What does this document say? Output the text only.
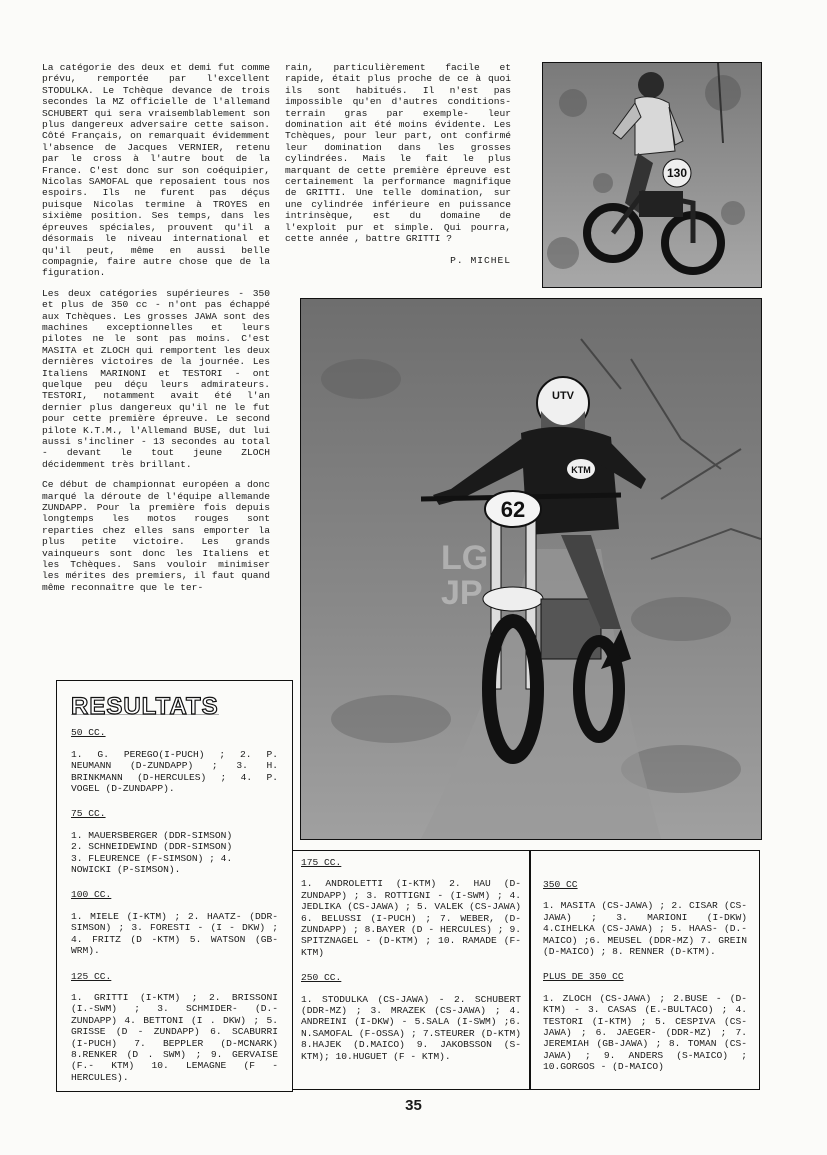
La catégorie des deux et demi fut comme prévu, remportée par l'excellent STODULKA. Le Tchèque devance de trois secondes la MZ officielle de l'allemand SCHUBERT qui sera vraisemblablement son plus dangereux adversaire cette saison. Côté Français, on remarquait évidemment l'absence de Jacques VERNIER, retenu par le cross à l'autre bout de la France. C'est donc sur son coéquipier, Nicolas SAMOFAL que reposaient tous nos espoirs. Ils ne furent pas déçus puisque Nicolas termine à TROYES en sixième position. Ses temps, dans les épreuves spéciales, prouvent qu'il a désormais le niveau international et qu'il peut, même en aussi belle compagnie, faire autre chose que de la figuration.

Les deux catégories supérieures - 350 et plus de 350 cc - n'ont pas échappé aux Tchèques. Les grosses JAWA sont des machines exceptionnelles et leurs pilotes ne le sont pas moins. C'est MASITA et ZLOCH qui remportent les deux dernières victoires de la journée. Les Italiens MARINONI et TESTORI - ont quelque peu déçu leurs admirateurs. TESTORI, notamment avait été l'an dernier plus dangereux qu'il ne le fut pour cette première épreuve. Le second pilote K.T.M., l'Allemand BUSE, dut lui aussi s'incliner - 13 secondes au total - devant le tout jeune ZLOCH décidemment très brillant.

Ce début de championnat européen a donc marqué la déroute de l'équipe allemande ZUNDAPP. Pour la première fois depuis longtemps les motos rouges sont reparties chez elles sans emporter la plus petite victoire. Les grands vainqueurs sont donc les Italiens et les Tchèques. Sans vouloir minimiser les mérites des premiers, il faut quand même reconnaître que le ter-

rain, particulièrement facile et rapide, était plus proche de ce à quoi ils sont habitués. Il n'est pas impossible qu'en d'autres conditions-terrain gras par exemple- leur domination ait été moins évidente. Les Tchèques, pour leur part, ont confirmé leur domination dans les grosses cylindrées. Mais le fait le plus marquant de cette première épreuve est certainement la performance magnifique de GRITTI. Une telle domination, sur une cylindrée inférieure en puissance intrinsèque, est du domaine de l'exploit pur et simple. Qui pourra, cette année , battre GRITTI ?

P. MICHEL
130
UTV
KTM
62
LG
JP
RESULTATS
50 CC.
1. G. PEREGO(I-PUCH) ; 2. P. NEUMANN (D-ZUNDAPP) ; 3. H. BRINKMANN (D-HERCULES) ; 4. P. VOGEL (D-ZUNDAPP).
75 CC.
1. MAUERSBERGER (DDR-SIMSON)
2. SCHNEIDEWIND (DDR-SIMSON)
3. FLEURENCE (F-SIMSON) ; 4.
NOWICKI (P-SIMSON).
100 CC.
1. MIELE (I-KTM) ; 2. HAATZ- (DDR-SIMSON) ; 3. FORESTI - (I - DKW) ; 4. FRITZ (D -KTM) 5. WATSON (GB-WRM).
125 CC.
1. GRITTI (I-KTM) ; 2. BRISSONI (I.-SWM) ; 3. SCHMIDER- (D.-ZUNDAPP) 4. BETTONI (I . DKW) ; 5. GRISSE (D - ZUNDAPP) 6. SCABURRI (I-PUCH) 7. BEPPLER (D-MCNARK) 8.RENKER (D . SWM) ; 9. GERVAISE (F.- KTM) 10. LEMAGNE (F -HERCULES).
175 CC.
1. ANDROLETTI (I-KTM) 2. HAU (D-ZUNDAPP) ; 3. ROTTIGNI - (I-SWM) ; 4. JEDLIKA (CS-JAWA) ; 5. VALEK (CS-JAWA) 6. BELUSSI (I-PUCH) ; 7. WEBER, (D-ZUNDAPP) ; 8.BAYER (D - HERCULES) ; 9. SPITZNAGEL - (D-KTM) ; 10. RAMADE (F-KTM)
250 CC.
1. STODULKA (CS-JAWA) - 2. SCHUBERT (DDR-MZ) ; 3. MRAZEK (CS-JAWA) ; 4. ANDREINI (I-DKW) - 5.SALA (I-SWM) ;6. N.SAMOFAL (F-OSSA) ; 7.STEURER (D-KTM) 8.HAJEK (D.MAICO) 9. JAKOBSSON (S-KTM); 10.HUGUET (F - KTM).
350 CC
1. MASITA (CS-JAWA) ; 2. CISAR (CS-JAWA) ; 3. MARIONI (I-DKW) 4.CIHELKA (CS-JAWA) ; 5. HAAS- (D.-MAICO) ;6. MEUSEL (DDR-MZ) 7. GREIN (D-MAICO) ; 8. RENNER (D-KTM).
PLUS DE 350 CC
1. ZLOCH (CS-JAWA) ; 2.BUSE - (D-KTM) - 3. CASAS (E.-BULTACO) ; 4. TESTORI (I-KTM) ; 5. CESPIVA (CS-JAWA) ; 6. JAEGER- (DDR-MZ) ; 7. JEREMIAH (GB-JAWA) ; 8. TOMAN (CS-JAWA) ; 9. ANDERS (S-MAICO) ; 10.GORGOS - (D-MAICO)
35
